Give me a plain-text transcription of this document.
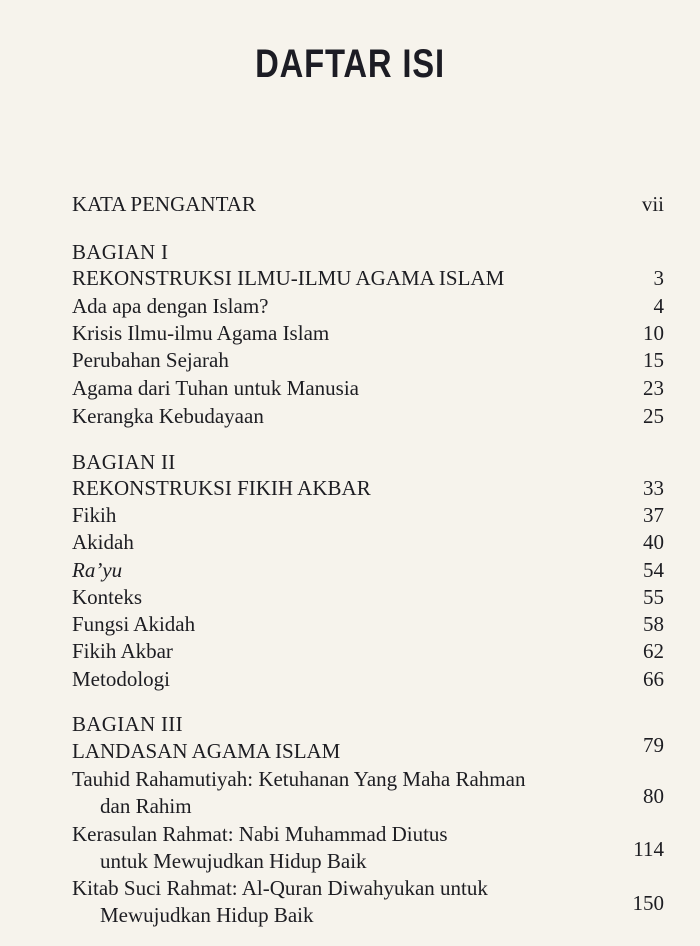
DAFTAR ISI
KATA PENGANTAR	vii
BAGIAN I
REKONSTRUKSI ILMU-ILMU AGAMA ISLAM	3
Ada apa dengan Islam?	4
Krisis Ilmu-ilmu Agama Islam	10
Perubahan Sejarah	15
Agama dari Tuhan untuk Manusia	23
Kerangka Kebudayaan	25
BAGIAN II
REKONSTRUKSI FIKIH AKBAR	33
Fikih	37
Akidah	40
Ra’yu	54
Konteks	55
Fungsi Akidah	58
Fikih Akbar	62
Metodologi	66
BAGIAN III
LANDASAN AGAMA ISLAM	79
Tauhid Rahamutiyah: Ketuhanan Yang Maha Rahman
dan Rahim	80
Kerasulan Rahmat: Nabi Muhammad Diutus
untuk Mewujudkan Hidup Baik	114
Kitab Suci Rahmat: Al-Quran Diwahyukan untuk
Mewujudkan Hidup Baik	150
